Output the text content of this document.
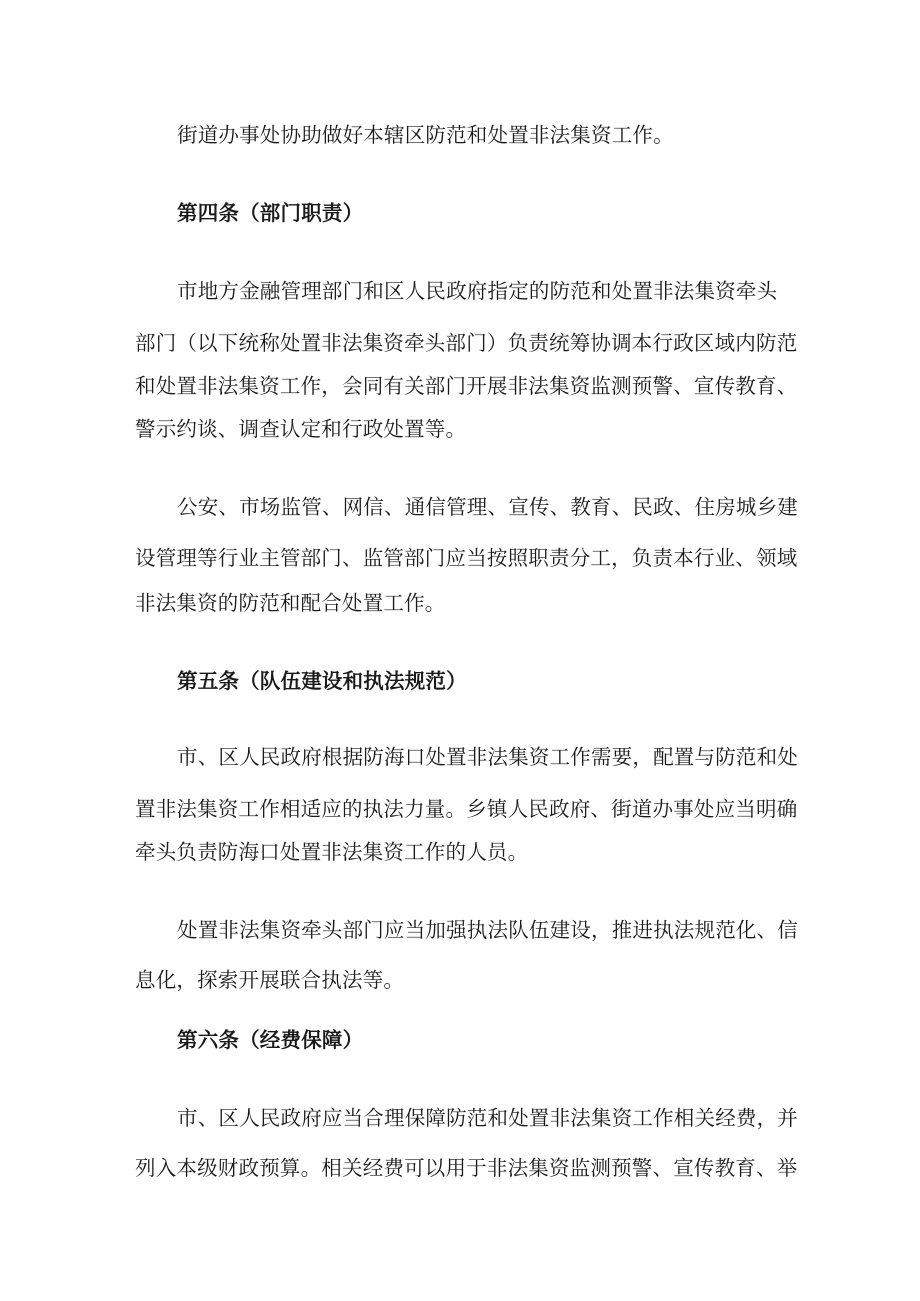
街道办事处协助做好本辖区防范和处置非法集资工作。

第四条（部门职责）

市地方金融管理部门和区人民政府指定的防范和处置非法集资牵头

部门（以下统称处置非法集资牵头部门）负责统筹协调本行政区域内防范

和处置非法集资工作，会同有关部门开展非法集资监测预警、宣传教育、

警示约谈、调查认定和行政处置等。

公安、市场监管、网信、通信管理、宣传、教育、民政、住房城乡建

设管理等行业主管部门、监管部门应当按照职责分工，负责本行业、领域

非法集资的防范和配合处置工作。

第五条（队伍建设和执法规范）

市、区人民政府根据防海口处置非法集资工作需要，配置与防范和处

置非法集资工作相适应的执法力量。乡镇人民政府、街道办事处应当明确

牵头负责防海口处置非法集资工作的人员。

处置非法集资牵头部门应当加强执法队伍建设，推进执法规范化、信

息化，探索开展联合执法等。

第六条（经费保障）

市、区人民政府应当合理保障防范和处置非法集资工作相关经费，并

列入本级财政预算。相关经费可以用于非法集资监测预警、宣传教育、举
